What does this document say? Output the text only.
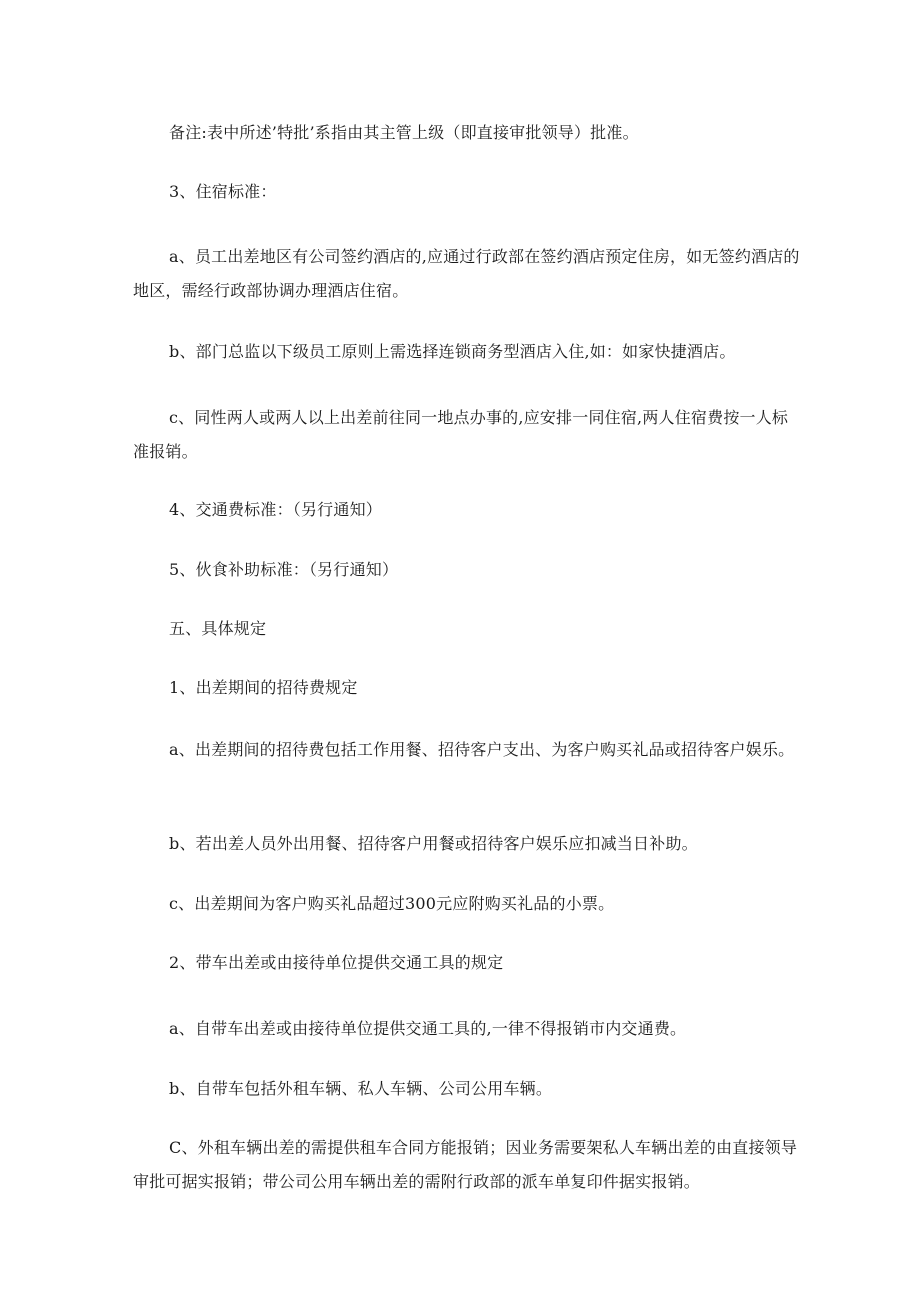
备注:表中所述’特批’系指由其主管上级（即直接审批领导）批准。

3、住宿标准：

a、员工出差地区有公司签约酒店的,应通过行政部在签约酒店预定住房，如无签约酒店的地区，需经行政部协调办理酒店住宿。

b、部门总监以下级员工原则上需选择连锁商务型酒店入住,如：如家快捷酒店。

c、同性两人或两人以上出差前往同一地点办事的,应安排一同住宿,两人住宿费按一人标准报销。

4、交通费标准：（另行通知）

5、伙食补助标准：（另行通知）

五、具体规定

1、出差期间的招待费规定

a、出差期间的招待费包括工作用餐、招待客户支出、为客户购买礼品或招待客户娱乐。

b、若出差人员外出用餐、招待客户用餐或招待客户娱乐应扣减当日补助。

c、出差期间为客户购买礼品超过300元应附购买礼品的小票。

2、带车出差或由接待单位提供交通工具的规定

a、自带车出差或由接待单位提供交通工具的,一律不得报销市内交通费。

b、自带车包括外租车辆、私人车辆、公司公用车辆。

C、外租车辆出差的需提供租车合同方能报销；因业务需要架私人车辆出差的由直接领导审批可据实报销；带公司公用车辆出差的需附行政部的派车单复印件据实报销。
